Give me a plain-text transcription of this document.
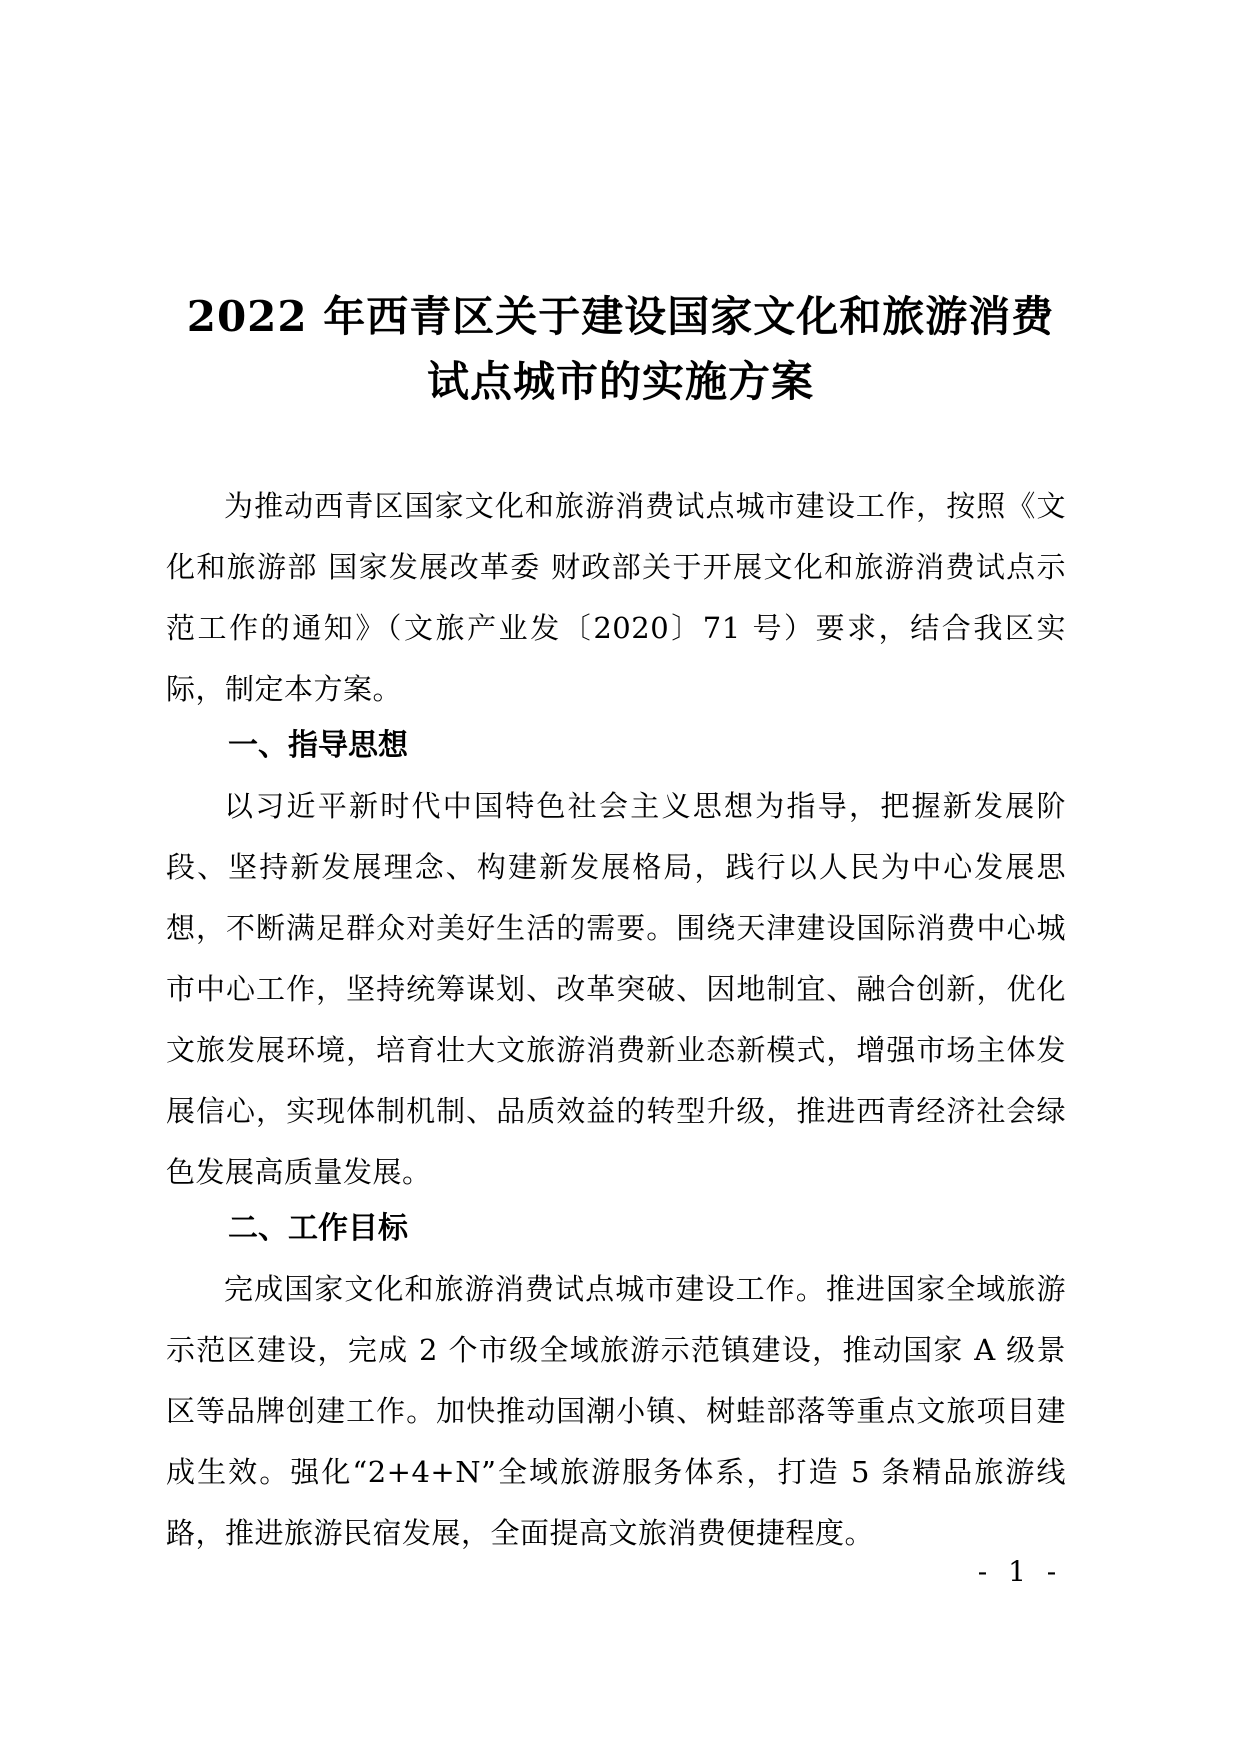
2022 年西青区关于建设国家文化和旅游消费
试点城市的实施方案

为推动西青区国家文化和旅游消费试点城市建设工作，按照《文化和旅游部 国家发展改革委 财政部关于开展文化和旅游消费试点示范工作的通知》（文旅产业发〔2020〕71 号）要求，结合我区实际，制定本方案。

一、指导思想

以习近平新时代中国特色社会主义思想为指导，把握新发展阶段、坚持新发展理念、构建新发展格局，践行以人民为中心发展思想，不断满足群众对美好生活的需要。围绕天津建设国际消费中心城市中心工作，坚持统筹谋划、改革突破、因地制宜、融合创新，优化文旅发展环境，培育壮大文旅游消费新业态新模式，增强市场主体发展信心，实现体制机制、品质效益的转型升级，推进西青经济社会绿色发展高质量发展。

二、工作目标

完成国家文化和旅游消费试点城市建设工作。推进国家全域旅游示范区建设，完成 2 个市级全域旅游示范镇建设，推动国家 A 级景区等品牌创建工作。加快推动国潮小镇、树蛙部落等重点文旅项目建成生效。强化“2+4+N”全域旅游服务体系，打造 5 条精品旅游线路，推进旅游民宿发展，全面提高文旅消费便捷程度。

- 1 -
